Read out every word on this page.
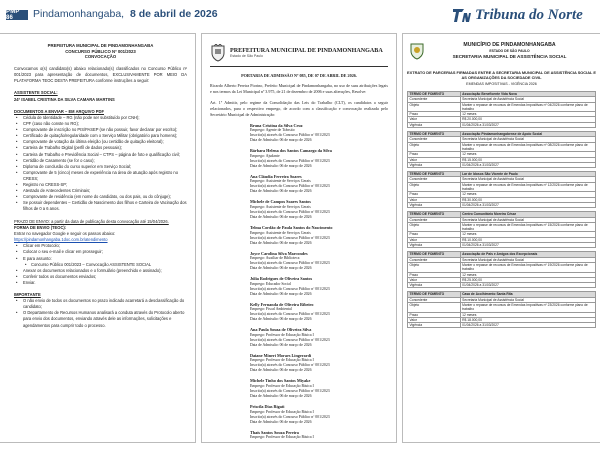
PMP 86	Pindamonhangaba, 8 de abril de 2026	Tribuna do Norte
PREFEITURA MUNICIPAL DE PINDAMONHANGABA
CONCURSO PÚBLICO Nº 001/2023
CONVOCAÇÃO

Convocamos o(s) candidato(s) abaixo relacionado(s) classificados no Concurso Público nº 001/2023 para apresentação de documentos, EXCLUSIVAMENTE POR MEIO DA PLATAFORMA TEOC DESTA PREFEITURA conforme instruções a seguir:

ASSISTENTE SOCIAL:

24ª ISABEL CRISTINA DA SILVA CAMARA MARTINS

DOCUMENTOS A ENVIAR – EM ARQUIVO PDF

• Cédula de Identidade – RG (não pode ser substituído por CNH);
• CPF (caso não conste no RG);
• Comprovante de inscrição no PIS/PASEP (se não possuir, favor declarar por escrito);
• Certificado de quitação/regularidade com o Serviço Militar (obrigatório para homens);
• Comprovante de votação da última eleição (ou certidão de quitação eleitoral);
• Carteira de Trabalho Digital (perfil de dados pessoais);
• Carteira de Trabalho e Previdência Social – CTPS – página de foto e qualificação civil;
• Certidão de Casamento (se for o caso);
• Diploma de conclusão do curso superior em Serviço Social;
• Comprovante de 5 (cinco) meses de experiência na área de atuação após registro no CRESS;
• Registro no CRESS-SP;
• Atestado de Antecedentes Criminais;
• Comprovante de residência (em nome do candidato, ou dos pais, ou do cônjuge);
• Se possuir dependentes – Certidão de Nascimento dos filhos e Carteira de Vacinação dos filhos de 0 a 6 anos.

PRAZO DE ENVIO: a partir da data de publicação desta convocação até 15/04/2026.

FORMA DE ENVIO (TEOC):

Entrar no navegador Google e seguir os passos abaixo:

https://pindamonhangaba.1doc.com.br/atendimento

• Clicar em Protocolo;
• Colocar o seu e-mail e clicar em prosseguir;
• E para assunto:
• Concurso Público 001/2023 – Convocação ASSISTENTE SOCIAL
• Anexar os documentos relacionados e o formulário (preenchido e assinado);
• Conferir todos os documentos enviados;
• Enviar.

IMPORTANTE

• O não envio de todos os documentos no prazo indicado acarretará a desclassificação do candidato;
• O Departamento de Recursos Humanos analisará a conduta através do Protocolo aberto para envio dos documentos, enviando através dele as informações, solicitações e agendamentos para cumprir todo o processo.
PREFEITURA MUNICIPAL DE PINDAMONHANGABA
Estado de São Paulo
PORTARIA DE ADMISSÃO Nº 085, DE 07 DE ABRIL DE 2026.
Ricardo Alberto Pereira Piorino, Prefeito Municipal de Pindamonhangaba, no uso de suas atribuições legais e nos termos da Lei Municipal nº 3.975, de 21 de dezembro de 2006 e suas alterações, Resolve:
Art. 1º Admitir, pelo regime da Consolidação das Leis do Trabalho (CLT), os candidatos a seguir relacionados, para o respectivo emprego, de acordo com a classificação e convocação realizada pelo Secretário Municipal de Administração:
Bruna Cristina da Silva Cruz
Emprego: Agente de Trânsito
Inscrito(a) através do Concurso Público nº 001/2023
Data de Admissão: 06 de março de 2026
Bárbara Helena dos Santos Camargo da Silva
Emprego: Ajudante
Inscrito(a) através do Concurso Público nº 001/2023
Data de Admissão: 06 de março de 2026
Ana Cláudia Ferreira Soares
Emprego: Assistente de Serviços Gerais
Inscrito(a) através do Concurso Público nº 001/2023
Data de Admissão: 06 de março de 2026
Michele de Campos Soares Santos
Emprego: Assistente de Serviços Gerais
Inscrito(a) através do Concurso Público nº 001/2023
Data de Admissão: 06 de março de 2026
Telma Cordão de Paula Santos do Nascimento
Emprego: Assistente de Serviços Gerais
Inscrito(a) através do Concurso Público nº 001/2023
Data de Admissão: 06 de março de 2026
Joyce Carolina Silva Marcondes
Emprego: Auxiliar de Biblioteca
Inscrito(a) através do Concurso Público nº 001/2023
Data de Admissão: 06 de março de 2026
Júlia Rodrigues de Oliveira Santos
Emprego: Educador Social
Inscrito(a) através do Concurso Público nº 001/2023
Data de Admissão: 06 de março de 2026
Kelly Fernanda de Oliveira Ribeiro
Emprego: Fiscal Ambiental
Inscrito(a) através do Concurso Público nº 001/2023
Data de Admissão: 06 de março de 2026
Ana Paula Souza de Oliveira Silva
Emprego: Professor de Educação Básica I
Inscrito(a) através do Concurso Público nº 001/2023
Data de Admissão: 06 de março de 2026
Daiane Mineri Moraes Lingerardi
Emprego: Professor de Educação Básica I
Inscrito(a) através do Concurso Público nº 001/2023
Data de Admissão: 06 de março de 2026
Michele Tinho dos Santos Miyake
Emprego: Professor de Educação Básica I
Inscrito(a) através do Concurso Público nº 001/2023
Data de Admissão: 06 de março de 2026
Priscila Dias Rigati
Emprego: Professor de Educação Básica I
Inscrito(a) através do Concurso Público nº 001/2023
Data de Admissão: 06 de março de 2026
Thaís Santos Souza Pereira
Emprego: Professor de Educação Básica I
MUNICÍPIO DE PINDAMONHANGABA
ESTADO DE SÃO PAULO
SECRETARIA MUNICIPAL DE ASSISTÊNCIA SOCIAL
EXTRATO DE PARCERIAS FIRMADAS ENTRE A SECRETARIA MUNICIPAL DE ASSISTÊNCIA SOCIAL E AS ORGANIZAÇÕES DA SOCIEDADE CIVIL
EMENDAS IMPOSITIVAS - VIGÊNCIA 2026
TERMO DE FOMENTO	Associação Beneficente Vida Nova
Concedente	Secretaria Municipal de Assistência Social
Objeto	Manter o repasse de recursos de Emendas Impositivas nº 04/2026 conforme plano de trabalho
Prazo	12 meses
Valor	R$ 20.000,00
Vigência	01/04/2026 a 31/03/2027
TERMO DE FOMENTO	Associação Pindamonhangabense de Apoio Social
Concedente	Secretaria Municipal de Assistência Social
Objeto	Manter o repasse de recursos de Emendas Impositivas nº 08/2026 conforme plano de trabalho
Prazo	12 meses
Valor	R$ 15.000,00
Vigência	01/04/2026 a 31/03/2027
TERMO DE FOMENTO	Lar de Idosos São Vicente de Paulo
Concedente	Secretaria Municipal de Assistência Social
Objeto	Manter o repasse de recursos de Emendas Impositivas nº 12/2026 conforme plano de trabalho
Prazo	12 meses
Valor	R$ 30.000,00
Vigência	01/04/2026 a 31/03/2027
TERMO DE FOMENTO	Centro Comunitário Moreira César
Concedente	Secretaria Municipal de Assistência Social
Objeto	Manter o repasse de recursos de Emendas Impositivas nº 15/2026 conforme plano de trabalho
Prazo	12 meses
Valor	R$ 10.000,00
Vigência	01/04/2026 a 31/03/2027
TERMO DE FOMENTO	Associação de Pais e Amigos dos Excepcionais
Concedente	Secretaria Municipal de Assistência Social
Objeto	Manter o repasse de recursos de Emendas Impositivas nº 19/2026 conforme plano de trabalho
Prazo	12 meses
Valor	R$ 25.000,00
Vigência	01/04/2026 a 31/03/2027
TERMO DE FOMENTO	Casa de Acolhimento Santa Rita
Concedente	Secretaria Municipal de Assistência Social
Objeto	Manter o repasse de recursos de Emendas Impositivas nº 23/2026 conforme plano de trabalho
Prazo	12 meses
Valor	R$ 18.000,00
Vigência	01/04/2026 a 31/03/2027
